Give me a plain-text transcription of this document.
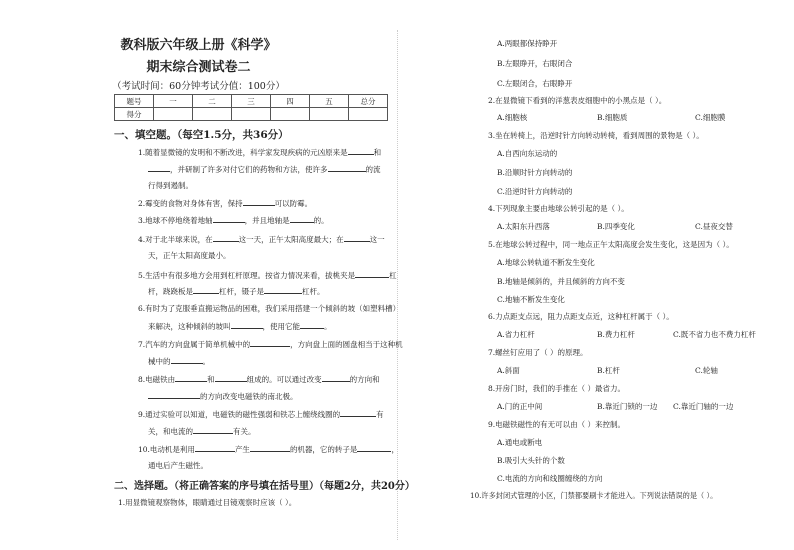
教科版六年级上册《科学》
期末综合测试卷二
（考试时间：60分钟考试分值：100分）
题号	一	二	三	四	五	总分
得分						
一、填空题。（每空1.5分，共36分）
1.随着显微镜的发明和不断改进，科学家发现疾病的元凶原来是	和
，并研制了许多对付它们的药物和方法，使许多	的流
行得到遏制。
2.霉变的食物对身体有害，保持	可以防霉。
3.地球不停地绕着地轴	，并且地轴是	的。
4.对于北半球来说，在	这一天，正午太阳高度最大；在	这一
天，正午太阳高度最小。
5.生活中有很多地方会用到杠杆原理。按省力情况来看，拔桃夹是	杠
杆，跷跷板是	杠杆，镊子是	杠杆。
6.有时为了克服垂直搬运物品的困难，我们采用搭建一个倾斜的坡（如塑料槽）
来解决，这种倾斜的坡叫	，使用它能	。
7.汽车的方向盘属于简单机械中的	，方向盘上面的圆盘相当于这种机
械中的	。
8.电磁铁由	和	组成的。可以通过改变	的方向和
的方向改变电磁铁的南北极。
9.通过实验可以知道，电磁铁的磁性强弱和铁芯上缠绕线圈的	有
关，和电流的	有关。
10.电动机是利用	产生	的机器，它的转子是	，
通电后产生磁性。
二、选择题。（将正确答案的序号填在括号里）（每题2分，共20分）
1.用显微镜观察物体，眼睛通过目镜观察时应该（ ）。
A.两眼都保持睁开
B.左眼睁开，右眼闭合
C.左眼闭合，右眼睁开
2.在显微镜下看到的洋葱表皮细胞中的小黑点是（ ）。
A.细胞核	B.细胞质	C.细胞膜
3.坐在转椅上，沿逆时针方向转动转椅，看到周围的景物是（ ）。
A.自西向东运动的
B.沿顺时针方向转动的
C.沿逆时针方向转动的
4.下列现象主要由地球公转引起的是（ ）。
A.太阳东升西落	B.四季变化	C.昼夜交替
5.在地球公转过程中，同一地点正午太阳高度会发生变化，这是因为（ ）。
A.地球公转轨道不断发生变化
B.地轴是倾斜的，并且倾斜的方向不变
C.地轴不断发生变化
6.力点距支点远，阻力点距支点近，这种杠杆属于（ ）。
A.省力杠杆	B.费力杠杆	C.既不省力也不费力杠杆
7.螺丝钉应用了（ ）的原理。
A.斜面	B.杠杆	C.轮轴
8.开房门时，我们的手推在（ ）最省力。
A.门的正中间	B.靠近门锁的一边 C.靠近门轴的一边
9.电磁铁磁性的有无可以由（ ）来控制。
A.通电或断电
B.吸引大头针的个数
C.电流的方向和线圈缠绕的方向
10.许多封闭式管理的小区，门禁都要刷卡才能进入。下列说法错误的是（ ）。
